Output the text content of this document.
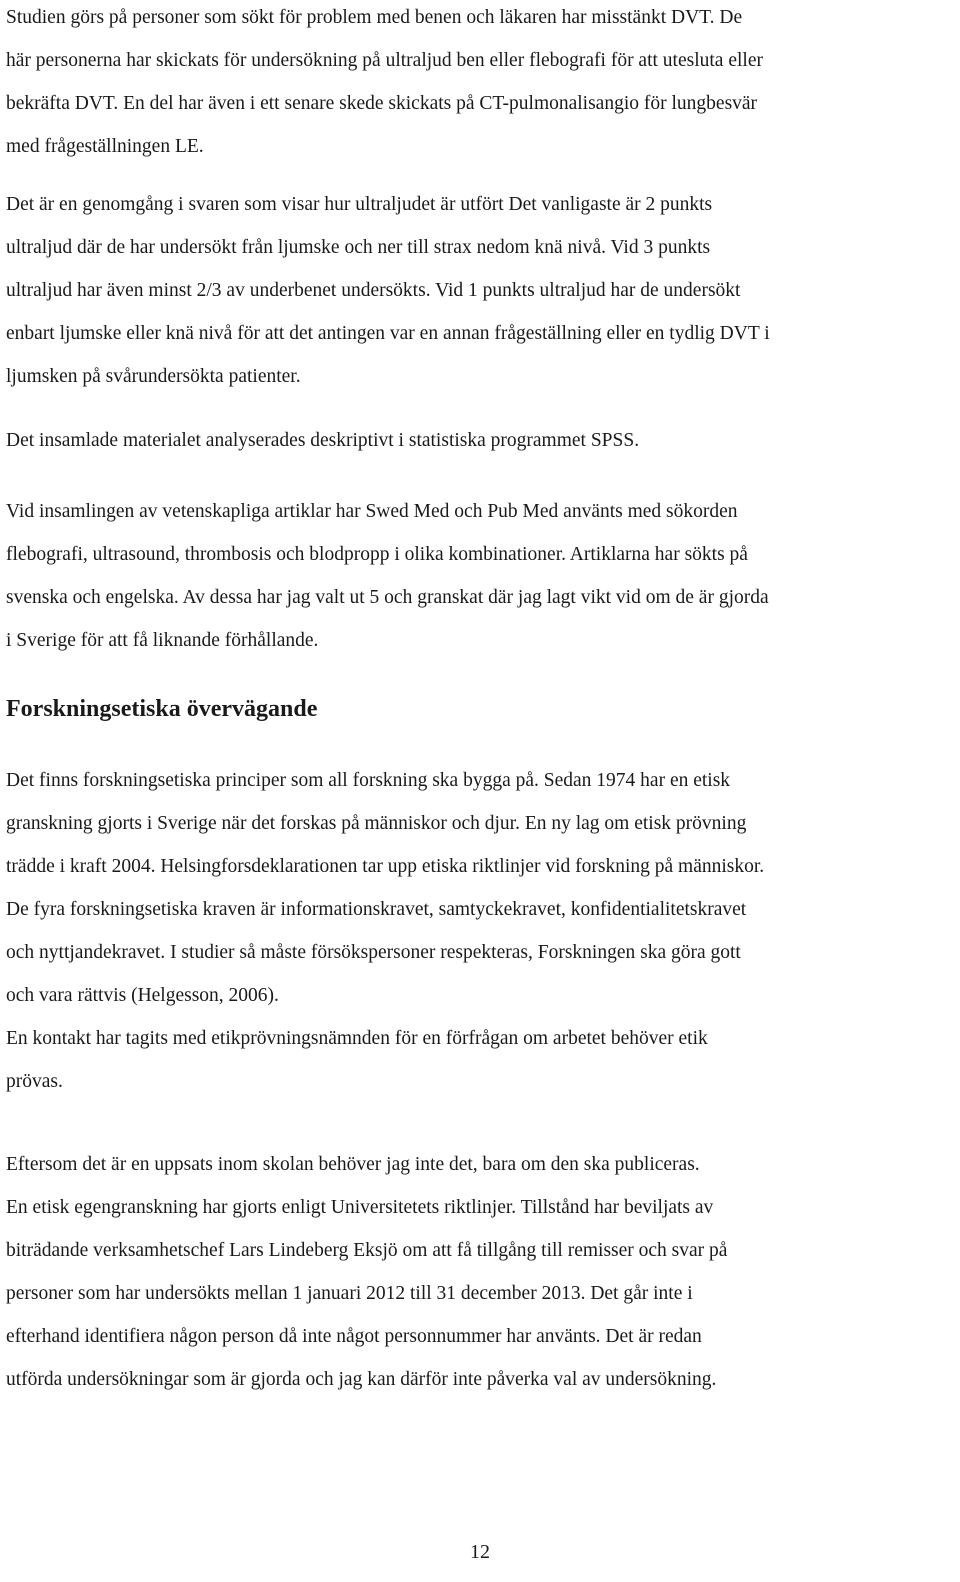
Studien görs på personer som sökt för problem med benen och läkaren har misstänkt DVT. De
här personerna har skickats för undersökning på ultraljud ben eller flebografi för att utesluta eller
bekräfta DVT. En del har även i ett senare skede skickats på CT-pulmonalisangio för lungbesvär
med frågeställningen LE.

Det är en genomgång i svaren som visar hur ultraljudet är utfört Det vanligaste är 2 punkts
ultraljud där de har undersökt från ljumske och ner till strax nedom knä nivå. Vid 3 punkts
ultraljud har även minst 2/3 av underbenet undersökts. Vid 1 punkts ultraljud har de undersökt
enbart ljumske eller knä nivå för att det antingen var en annan frågeställning eller en tydlig DVT i
ljumsken på svårundersökta patienter.

Det insamlade materialet analyserades deskriptivt i statistiska programmet SPSS.

Vid insamlingen av vetenskapliga artiklar har Swed Med och Pub Med använts med sökorden
flebografi, ultrasound, thrombosis och blodpropp i olika kombinationer. Artiklarna har sökts på
svenska och engelska. Av dessa har jag valt ut 5 och granskat där jag lagt vikt vid om de är gjorda
i Sverige för att få liknande förhållande.

Forskningsetiska övervägande

Det finns forskningsetiska principer som all forskning ska bygga på. Sedan 1974 har en etisk
granskning gjorts i Sverige när det forskas på människor och djur. En ny lag om etisk prövning
trädde i kraft 2004. Helsingforsdeklarationen tar upp etiska riktlinjer vid forskning på människor.
De fyra forskningsetiska kraven är informationskravet, samtyckekravet, konfidentialitetskravet
och nyttjandekravet. I studier så måste försökspersoner respekteras, Forskningen ska göra gott
och vara rättvis (Helgesson, 2006).
En kontakt har tagits med etikprövningsnämnden för en förfrågan om arbetet behöver etik
prövas.

Eftersom det är en uppsats inom skolan behöver jag inte det, bara om den ska publiceras.
En etisk egengranskning har gjorts enligt Universitetets riktlinjer. Tillstånd har beviljats av
biträdande verksamhetschef Lars Lindeberg Eksjö om att få tillgång till remisser och svar på
personer som har undersökts mellan 1 januari 2012 till 31 december 2013. Det går inte i
efterhand identifiera någon person då inte något personnummer har använts. Det är redan
utförda undersökningar som är gjorda och jag kan därför inte påverka val av undersökning.

12
